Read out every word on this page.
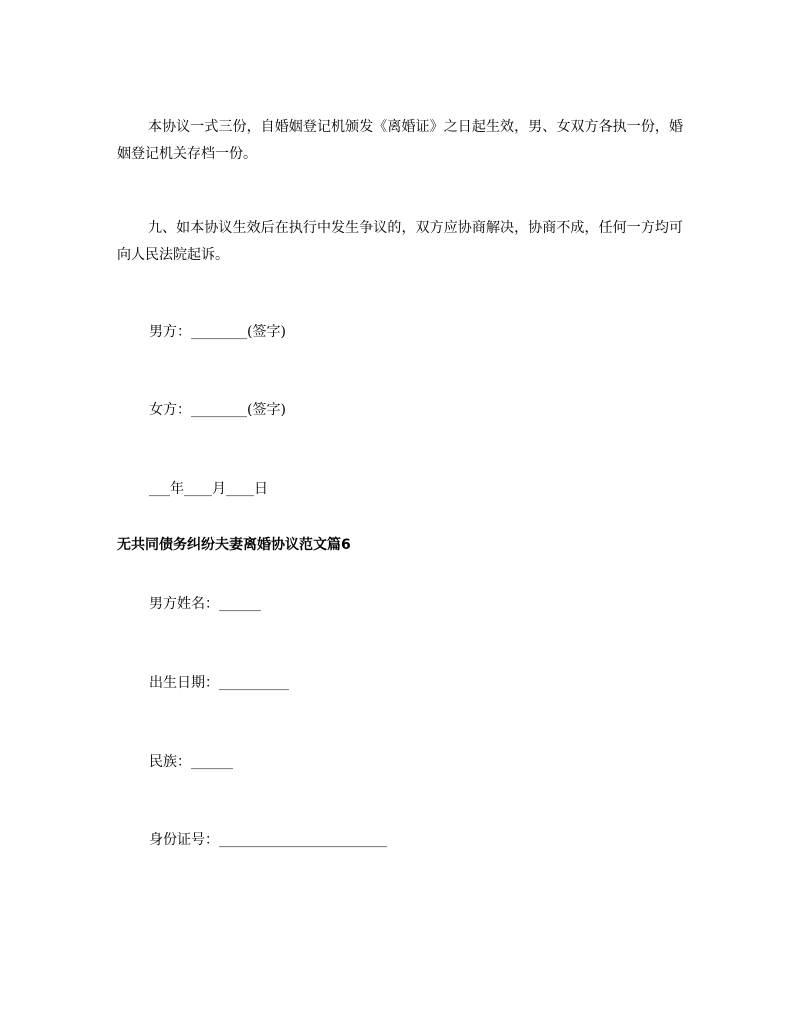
本协议一式三份，自婚姻登记机颁发《离婚证》之日起生效，男、女双方各执一份，婚姻登记机关存档一份。

九、如本协议生效后在执行中发生争议的，双方应协商解决，协商不成，任何一方均可向人民法院起诉。

男方：________(签字)

女方：________(签字)

___年____月____日

无共同债务纠纷夫妻离婚协议范文篇6

男方姓名：______

出生日期：__________

民族：______

身份证号：________________________
